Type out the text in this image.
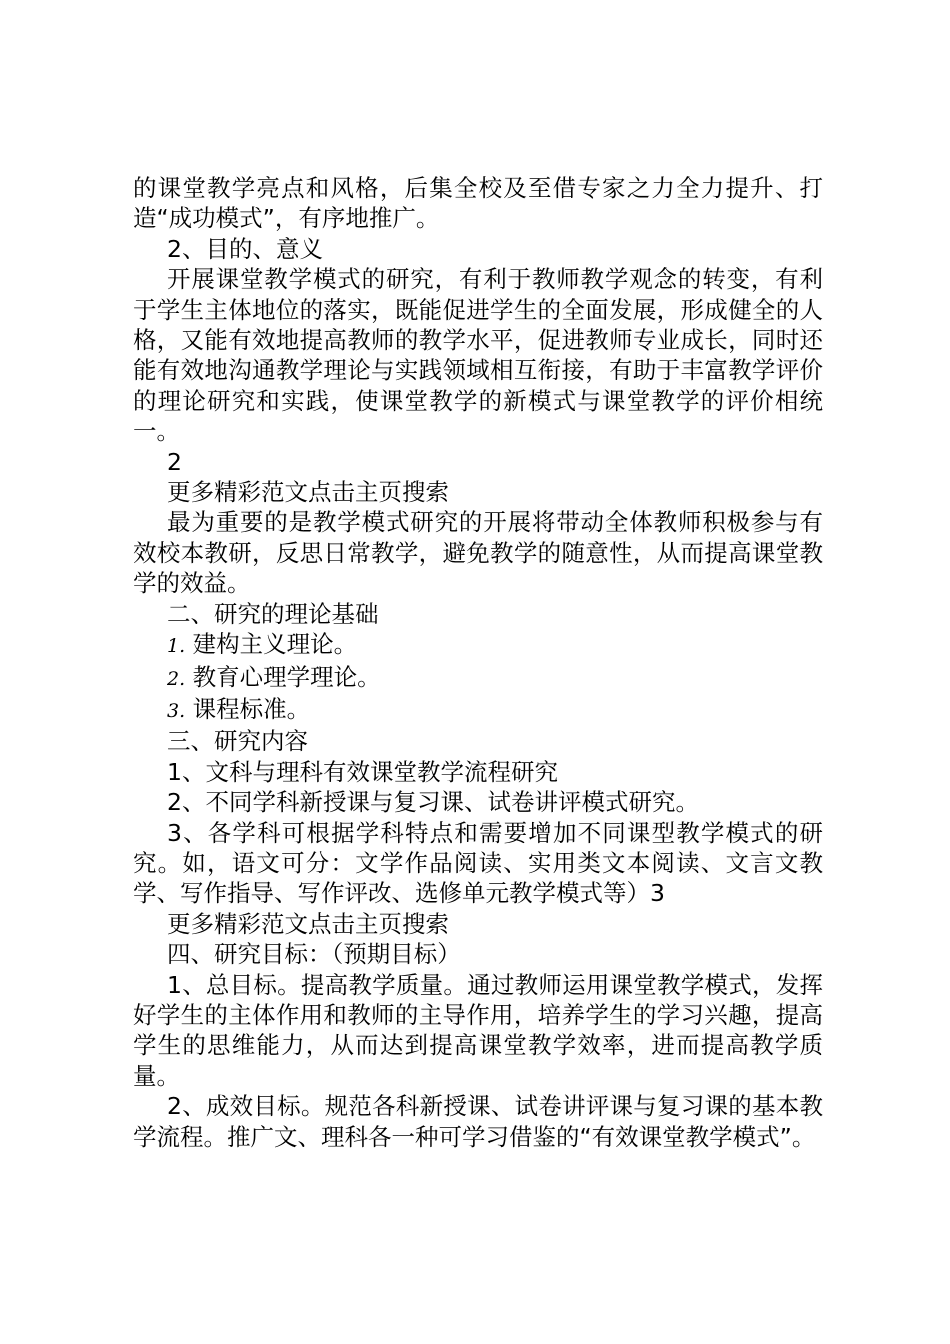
的课堂教学亮点和风格，后集全校及至借专家之力全力提升、打造“成功模式”，有序地推广。

2、目的、意义

开展课堂教学模式的研究，有利于教师教学观念的转变，有利于学生主体地位的落实，既能促进学生的全面发展，形成健全的人格，又能有效地提高教师的教学水平，促进教师专业成长，同时还能有效地沟通教学理论与实践领域相互衔接，有助于丰富教学评价的理论研究和实践，使课堂教学的新模式与课堂教学的评价相统一。

2

更多精彩范文点击主页搜索

最为重要的是教学模式研究的开展将带动全体教师积极参与有效校本教研，反思日常教学，避免教学的随意性，从而提高课堂教学的效益。

二、研究的理论基础

1. 建构主义理论。

2. 教育心理学理论。

3. 课程标准。

三、研究内容

1、文科与理科有效课堂教学流程研究

2、不同学科新授课与复习课、试卷讲评模式研究。

3、各学科可根据学科特点和需要增加不同课型教学模式的研究。如，语文可分：文学作品阅读、实用类文本阅读、文言文教学、写作指导、写作评改、选修单元教学模式等）3

更多精彩范文点击主页搜索

四、研究目标：（预期目标）

1、总目标。提高教学质量。通过教师运用课堂教学模式，发挥好学生的主体作用和教师的主导作用，培养学生的学习兴趣，提高学生的思维能力，从而达到提高课堂教学效率，进而提高教学质量。

2、成效目标。规范各科新授课、试卷讲评课与复习课的基本教学流程。推广文、理科各一种可学习借鉴的“有效课堂教学模式”。
